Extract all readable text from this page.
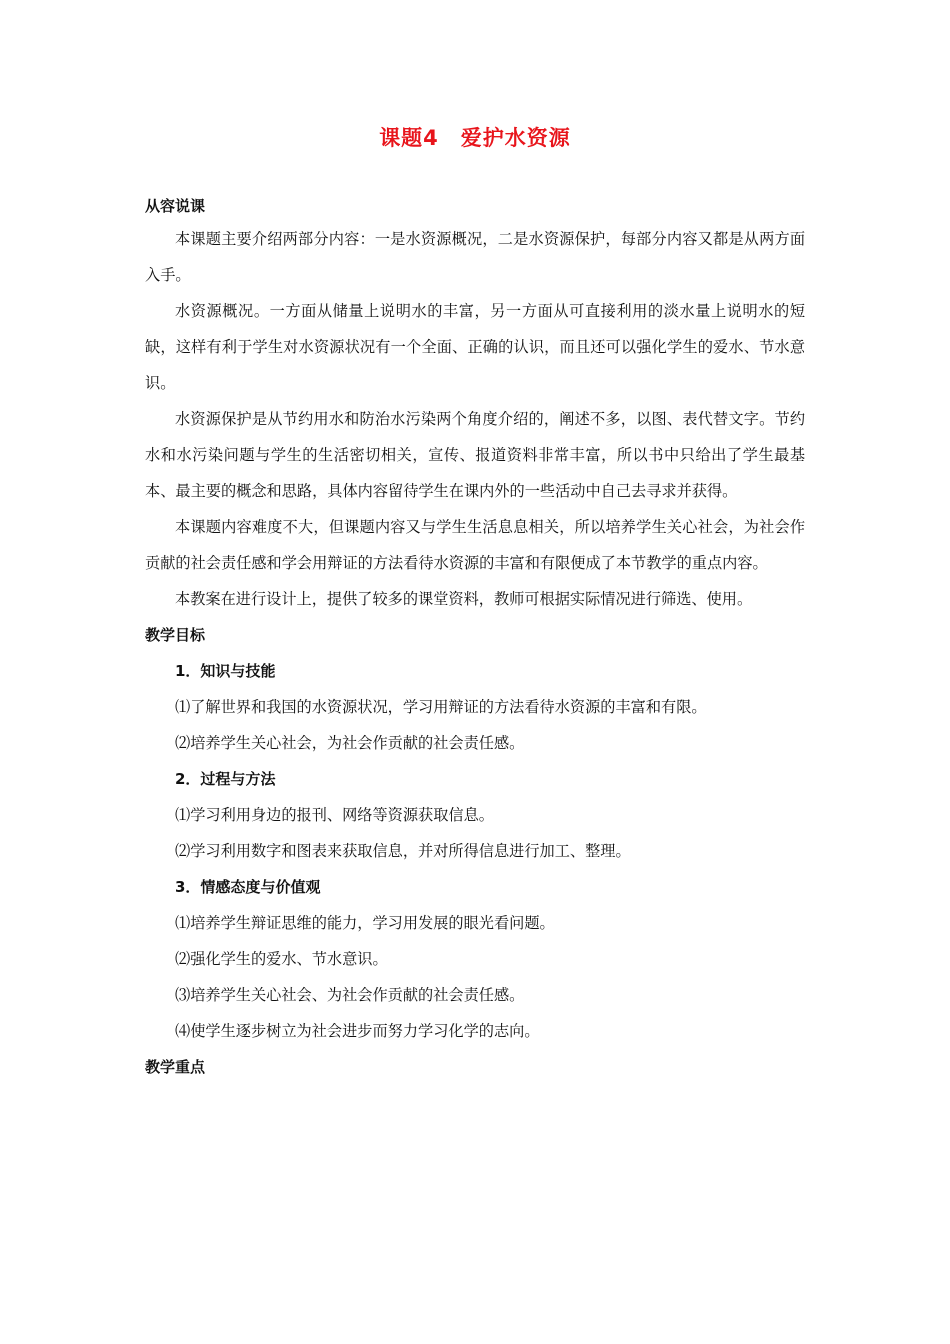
课题4　爱护水资源
从容说课

本课题主要介绍两部分内容：一是水资源概况，二是水资源保护，每部分内容又都是从两方面入手。

水资源概况。一方面从储量上说明水的丰富，另一方面从可直接利用的淡水量上说明水的短缺，这样有利于学生对水资源状况有一个全面、正确的认识，而且还可以强化学生的爱水、节水意识。

水资源保护是从节约用水和防治水污染两个角度介绍的，阐述不多，以图、表代替文字。节约水和水污染问题与学生的生活密切相关，宣传、报道资料非常丰富，所以书中只给出了学生最基本、最主要的概念和思路，具体内容留待学生在课内外的一些活动中自己去寻求并获得。

本课题内容难度不大，但课题内容又与学生生活息息相关，所以培养学生关心社会，为社会作贡献的社会责任感和学会用辩证的方法看待水资源的丰富和有限便成了本节教学的重点内容。

本教案在进行设计上，提供了较多的课堂资料，教师可根据实际情况进行筛选、使用。

教学目标
1．知识与技能
⑴了解世界和我国的水资源状况，学习用辩证的方法看待水资源的丰富和有限。
⑵培养学生关心社会，为社会作贡献的社会责任感。
2．过程与方法
⑴学习利用身边的报刊、网络等资源获取信息。
⑵学习利用数字和图表来获取信息，并对所得信息进行加工、整理。
3．情感态度与价值观
⑴培养学生辩证思维的能力，学习用发展的眼光看问题。
⑵强化学生的爱水、节水意识。
⑶培养学生关心社会、为社会作贡献的社会责任感。
⑷使学生逐步树立为社会进步而努力学习化学的志向。
教学重点
